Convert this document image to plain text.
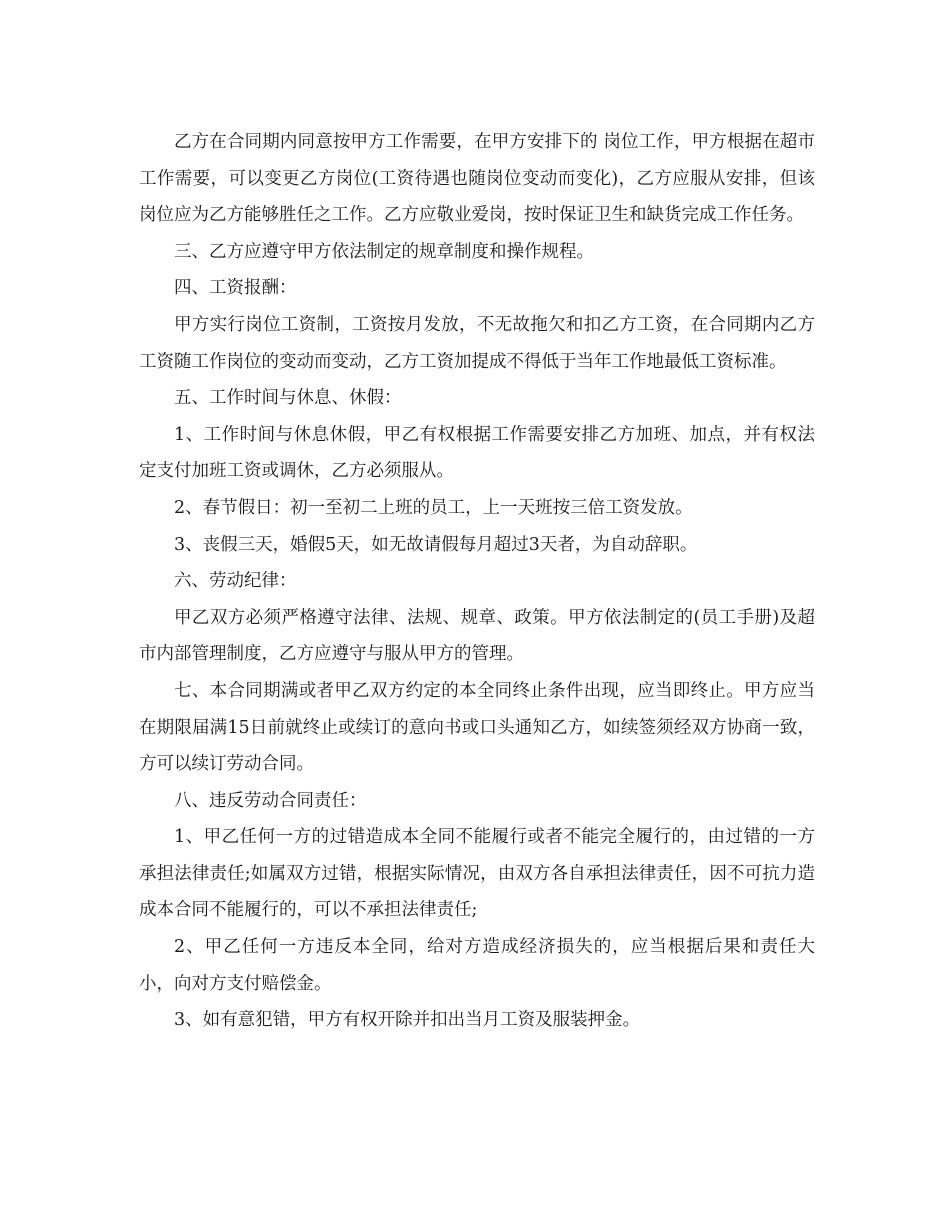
乙方在合同期内同意按甲方工作需要，在甲方安排下的 岗位工作，甲方根据在超市工作需要，可以变更乙方岗位(工资待遇也随岗位变动而变化)，乙方应服从安排，但该岗位应为乙方能够胜任之工作。乙方应敬业爱岗，按时保证卫生和缺货完成工作任务。

三、乙方应遵守甲方依法制定的规章制度和操作规程。

四、工资报酬：

甲方实行岗位工资制，工资按月发放，不无故拖欠和扣乙方工资，在合同期内乙方工资随工作岗位的变动而变动，乙方工资加提成不得低于当年工作地最低工资标准。

五、工作时间与休息、休假：

1、工作时间与休息休假，甲乙有权根据工作需要安排乙方加班、加点，并有权法定支付加班工资或调休，乙方必须服从。

2、春节假日：初一至初二上班的员工，上一天班按三倍工资发放。

3、丧假三天，婚假5天，如无故请假每月超过3天者，为自动辞职。

六、劳动纪律：

甲乙双方必须严格遵守法律、法规、规章、政策。甲方依法制定的(员工手册)及超市内部管理制度，乙方应遵守与服从甲方的管理。

七、本合同期满或者甲乙双方约定的本全同终止条件出现，应当即终止。甲方应当在期限届满15日前就终止或续订的意向书或口头通知乙方，如续签须经双方协商一致，方可以续订劳动合同。

八、违反劳动合同责任：

1、甲乙任何一方的过错造成本全同不能履行或者不能完全履行的，由过错的一方承担法律责任;如属双方过错，根据实际情况，由双方各自承担法律责任，因不可抗力造成本合同不能履行的，可以不承担法律责任;

2、甲乙任何一方违反本全同，给对方造成经济损失的，应当根据后果和责任大小，向对方支付赔偿金。

3、如有意犯错，甲方有权开除并扣出当月工资及服装押金。
